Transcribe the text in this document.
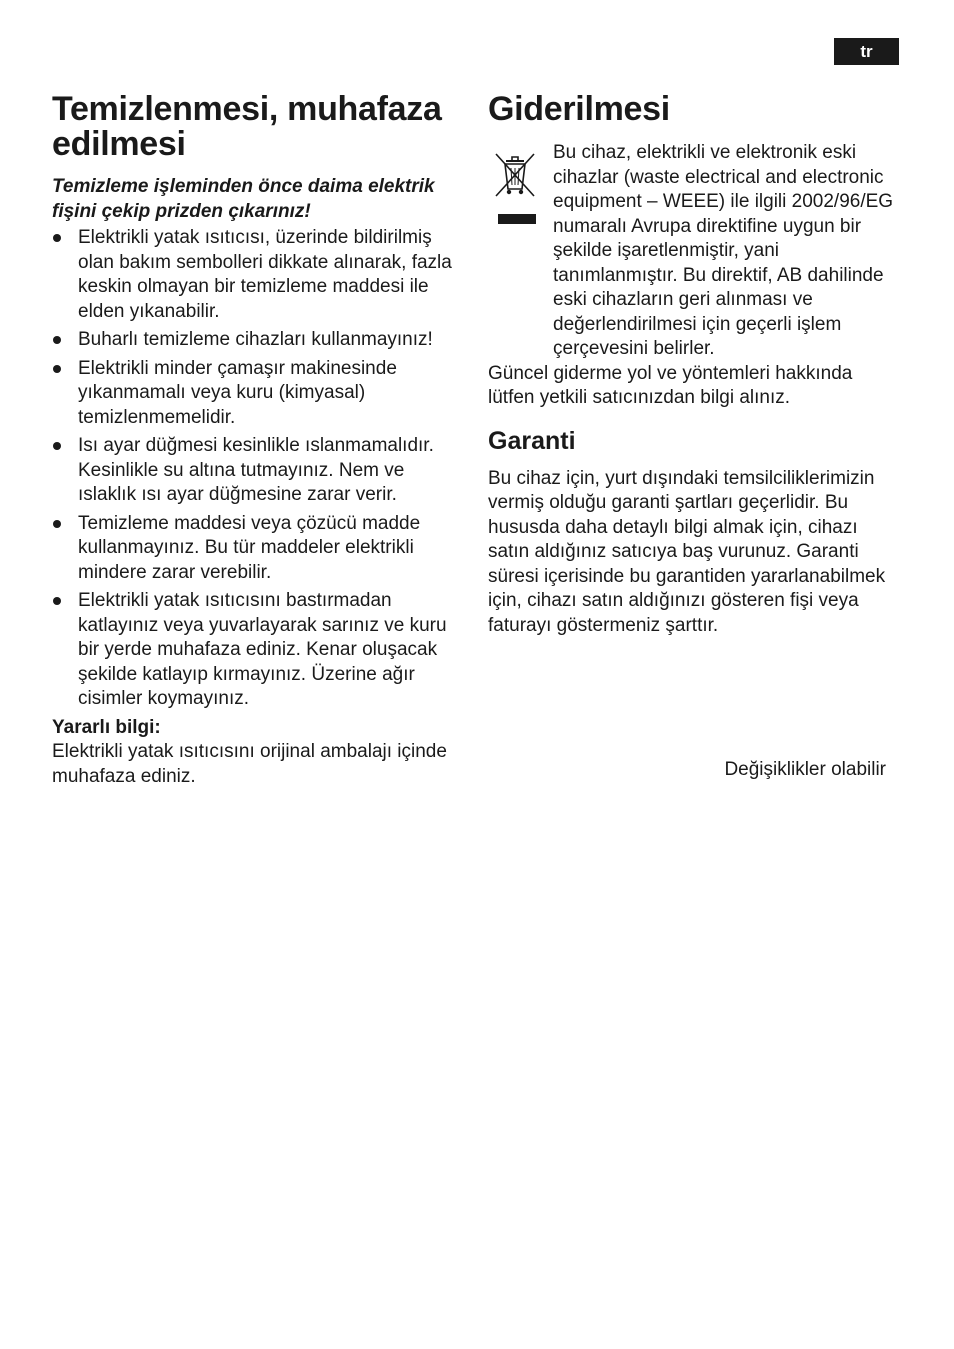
tr
Temizlenmesi, muhafaza edilmesi

Temizleme işleminden önce daima elektrik fişini çekip prizden çıkarınız!

Elektrikli yatak ısıtıcısı, üzerinde bildirilmiş olan bakım sembolleri dikkate alınarak, fazla keskin olmayan bir temizleme maddesi ile elden yıkanabilir.
Buharlı temizleme cihazları kullanmayınız!
Elektrikli minder çamaşır makinesinde yıkanmamalı veya kuru (kimyasal) temizlenmemelidir.
Isı ayar düğmesi kesinlikle ıslanmamalıdır. Kesinlikle su altına tutmayınız. Nem ve ıslaklık ısı ayar düğmesine zarar verir.
Temizleme maddesi veya çözücü madde kullanmayınız. Bu tür maddeler elektrikli mindere zarar verebilir.
Elektrikli yatak ısıtıcısını bastırmadan katlayınız veya yuvarlayarak sarınız ve kuru bir yerde muhafaza ediniz. Kenar oluşacak şekilde katlayıp kırmayınız. Üzerine ağır cisimler koymayınız.

Yararlı bilgi:

Elektrikli yatak ısıtıcısını orijinal ambalajı içinde muhafaza ediniz.

Giderilmesi

Bu cihaz, elektrikli ve elektronik eski cihazlar (waste electrical and electronic equipment – WEEE) ile ilgili 2002/96/EG numaralı Avrupa direktifine uygun bir şekilde işaretlenmiştir, yani tanımlanmıştır. Bu direktif, AB dahilinde eski cihazların geri alınması ve değerlendirilmesi için geçerli işlem çerçevesini belirler.

Güncel giderme yol ve yöntemleri hakkında lütfen yetkili satıcınızdan bilgi alınız.

Garanti

Bu cihaz için, yurt dışındaki temsilciliklerimizin vermiş olduğu garanti şartları geçerlidir. Bu hususda daha detaylı bilgi almak için, cihazı satın aldığınız satıcıya baş vurunuz. Garanti süresi içerisinde bu garantiden yararlanabilmek için, cihazı satın aldığınızı gösteren fişi veya faturayı göstermeniz şarttır.

Değişiklikler olabilir
